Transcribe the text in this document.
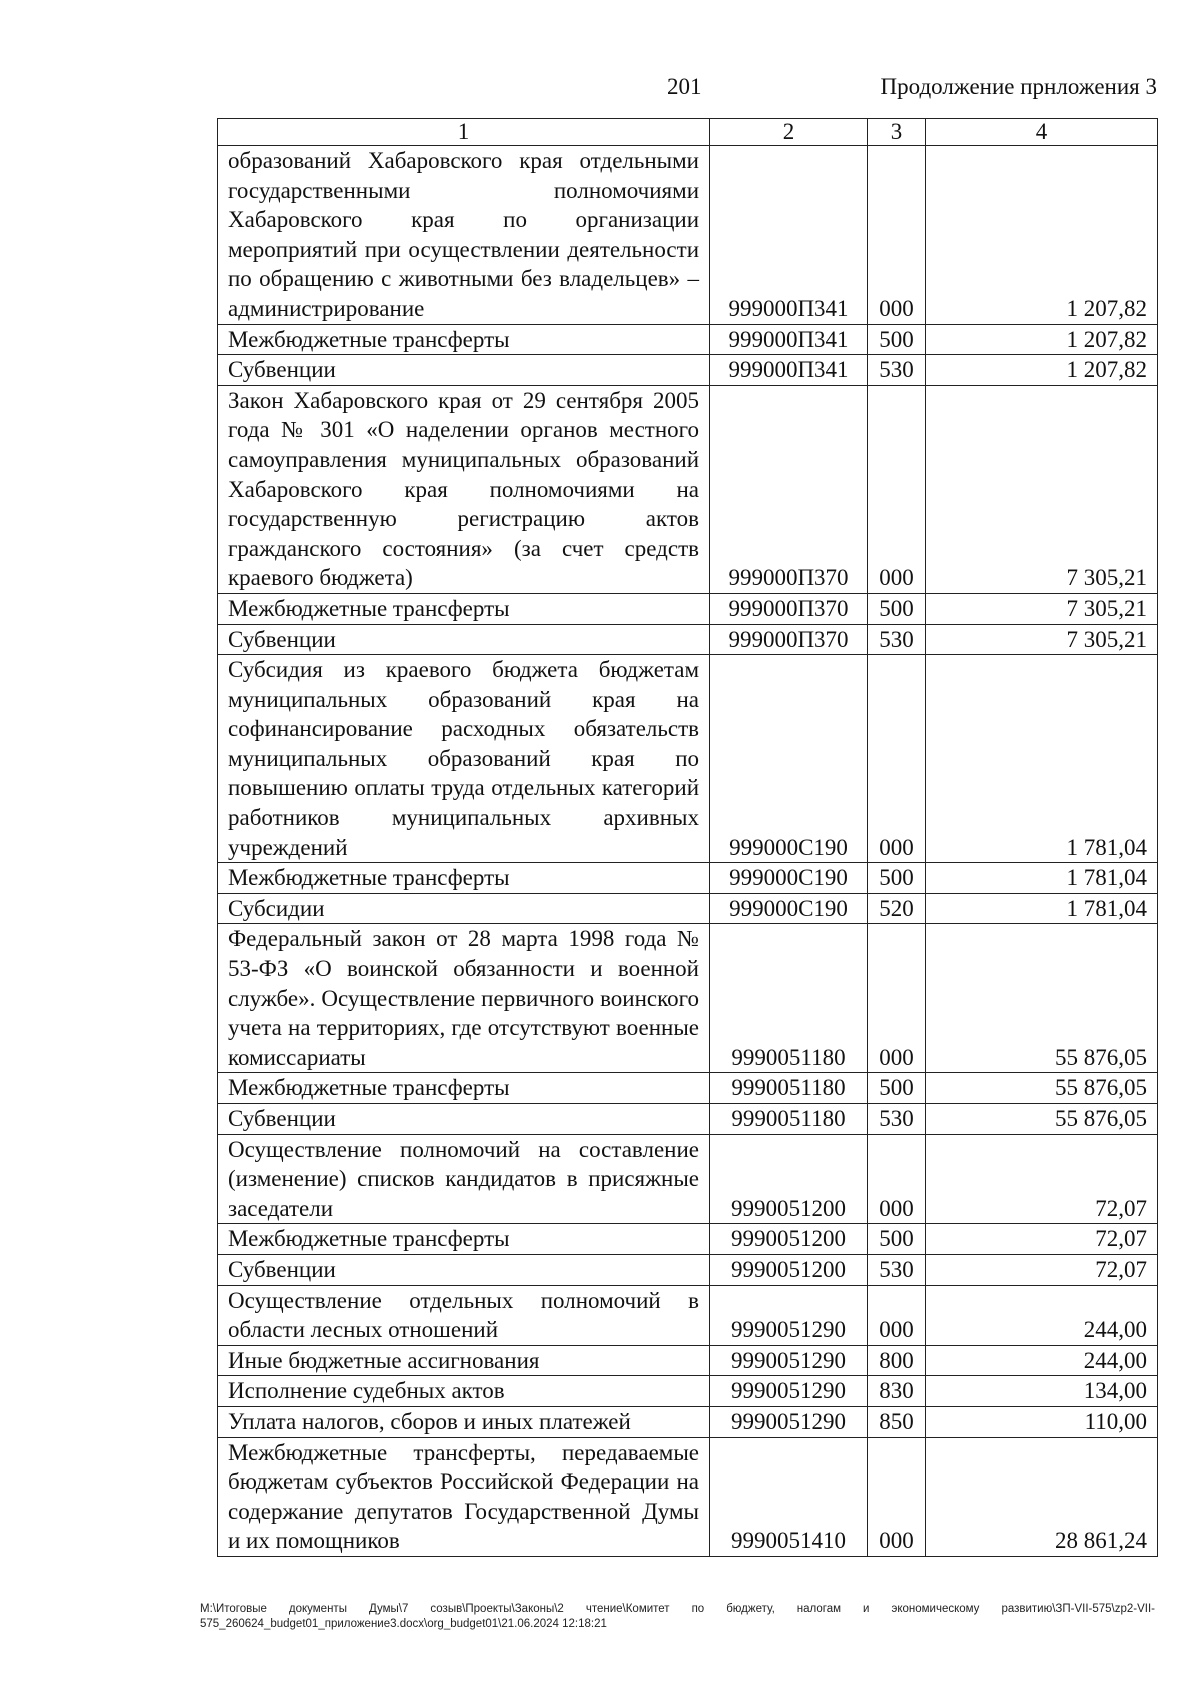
201	Продолжение прнложения 3
1	2	3	4
образований Хабаровского края отдельными государственными полномочиями Хабаровского края по организации мероприятий при осуществлении деятельности по обращению с животными без владельцев» – администрирование	999000П341	000	1 207,82
Межбюджетные трансферты	999000П341	500	1 207,82
Субвенции	999000П341	530	1 207,82
Закон Хабаровского края от 29 сентября 2005 года № 301 «О наделении органов местного самоуправления муниципальных образований Хабаровского края полномочиями на государственную регистрацию актов гражданского состояния» (за счет средств краевого бюджета)	999000П370	000	7 305,21
Межбюджетные трансферты	999000П370	500	7 305,21
Субвенции	999000П370	530	7 305,21
Субсидия из краевого бюджета бюджетам муниципальных образований края на софинансирование расходных обязательств муниципальных образований края по повышению оплаты труда отдельных категорий работников муниципальных архивных учреждений	999000С190	000	1 781,04
Межбюджетные трансферты	999000С190	500	1 781,04
Субсидии	999000С190	520	1 781,04
Федеральный закон от 28 марта 1998 года № 53-ФЗ «О воинской обязанности и военной службе». Осуществление первичного воинского учета на территориях, где отсутствуют военные комиссариаты	9990051180	000	55 876,05
Межбюджетные трансферты	9990051180	500	55 876,05
Субвенции	9990051180	530	55 876,05
Осуществление полномочий на составление (изменение) списков кандидатов в присяжные заседатели	9990051200	000	72,07
Межбюджетные трансферты	9990051200	500	72,07
Субвенции	9990051200	530	72,07
Осуществление отдельных полномочий в области лесных отношений	9990051290	000	244,00
Иные бюджетные ассигнования	9990051290	800	244,00
Исполнение судебных актов	9990051290	830	134,00
Уплата налогов, сборов и иных платежей	9990051290	850	110,00
Межбюджетные трансферты, передаваемые бюджетам субъектов Российской Федерации на содержание депутатов Государственной Думы и их помощников	9990051410	000	28 861,24
М:\Итоговые документы Думы\7 созыв\Проекты\Законы\2 чтение\Комитет по бюджету, налогам и экономическому развитию\ЗП-VII-575\zp2-VII-575_260624_budget01_приложение3.docx\org_budget01\21.06.2024 12:18:21
